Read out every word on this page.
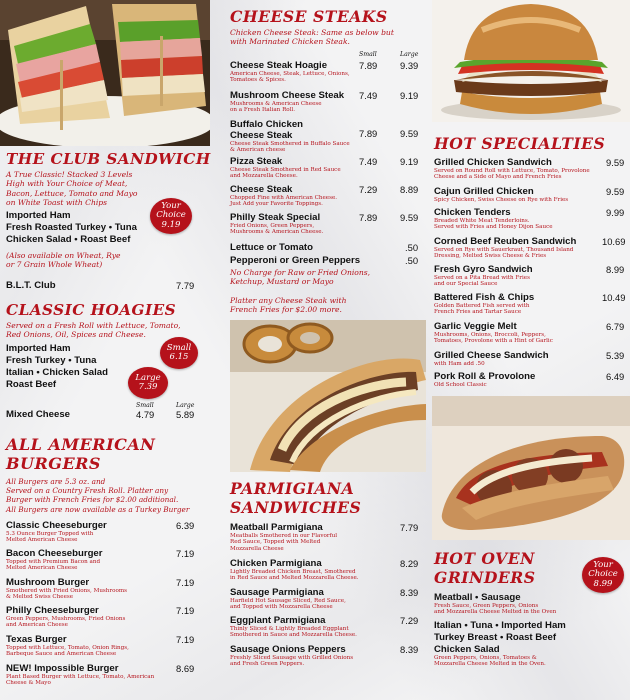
THE CLUB SANDWICH
A True Classic! Stacked 3 Levels
High with Your Choice of Meat,
Bacon, Lettuce, Tomato and Mayo
on White Toast with Chips
Imported Ham
Fresh Roasted Turkey • Tuna
Chicken Salad • Roast Beef
Your
Choice
9.19
(Also available on Wheat, Rye
or 7 Grain Whole Wheat)
B.L.T. Club	7.79
CLASSIC HOAGIES
Served on a Fresh Roll with Lettuce, Tomato,
Red Onions, Oil, Spices and Cheese.
Imported Ham
Fresh Turkey • Tuna
Italian • Chicken Salad
Roast Beef
Small
6.15
Large
7.39
Small	Large
Mixed Cheese	4.79 5.89
ALL AMERICAN
BURGERS
All Burgers are 5.3 oz. and
Served on a Country Fresh Roll. Platter any
Burger with French Fries for $2.00 additional.
All Burgers are now available as a Turkey Burger
Classic Cheeseburger
5.3 Ounce Burger Topped with
Melted American Cheese
6.39
Bacon Cheeseburger
Topped with Premium Bacon and
Melted American Cheese
7.19
Mushroom Burger
Smothered with Fried Onions, Mushrooms
& Melted Swiss Cheese
7.19
Philly Cheeseburger
Green Peppers, Mushrooms, Fried Onions
and American Cheese
7.19
Texas Burger
Topped with Lettuce, Tomato, Onion Rings,
Barbeque Sauce and American Cheese
7.19
NEW! Impossible Burger
Plant Based Burger with Lettuce, Tomato, American
Cheese & Mayo
8.69
CHEESE STEAKS
Chicken Cheese Steak: Same as below but
with Marinated Chicken Steak.
Small	Large
Cheese Steak Hoagie
American Cheese, Steak, Lettuce, Onions,
Tomatoes & Spices.
7.89 9.39
Mushroom Cheese Steak
Mushrooms & American Cheese
on a Fresh Italian Roll.
7.49 9.19
Buffalo Chicken
Cheese Steak
Cheese Steak Smothered in Buffalo Sauce
& American cheese
7.89 9.59
Pizza Steak
Cheese Steak Smothered in Red Sauce
and Mozzarella Cheese.
7.49 9.19
Cheese Steak
Chopped Fine with American Cheese.
Just Add your Favorite Toppings.
7.29 8.89
Philly Steak Special
Fried Onions, Green Peppers,
Mushrooms & American Cheese.
7.89 9.59
Lettuce or Tomato	.50
Pepperoni or Green Peppers	.50
No Charge for Raw or Fried Onions,
Ketchup, Mustard or Mayo
Platter any Cheese Steak with
French Fries for $2.00 more.
PARMIGIANA
SANDWICHES
Meatball Parmigiana
Meatballs Smothered in our Flavorful
Red Sauce, Topped with Melted
Mozzarella Cheese
7.79
Chicken Parmigiana
Lightly Breaded Chicken Breast, Smothered
in Red Sauce and Melted Mozzarella Cheese.
8.29
Sausage Parmigiana
Harfield Hot Sausage Sliced, Red Sauce,
and Topped with Mozzarella Cheese
8.39
Eggplant Parmigiana
Thinly Sliced & Lightly Breaded Eggplant
Smothered in Sauce and Mozzarella Cheese.
7.29
Sausage Onions Peppers
Freshly Sliced Sausage with Grilled Onions
and Fresh Green Peppers.
8.39
HOT SPECIALTIES
Grilled Chicken Sandwich
Served on Round Roll with Lettuce, Tomato, Provolone
Cheese and a Side of Mayo and French Fries
9.59
Cajun Grilled Chicken
Spicy Chicken, Swiss Cheese on Rye with Fries
9.59
Chicken Tenders
Breaded White Meat Tenderloins.
Served with Fries and Honey Dijon Sauce
9.99
Corned Beef Reuben Sandwich
Served on Rye with Sauerkraut, Thousand Island
Dressing, Melted Swiss Cheese & Fries
10.69
Fresh Gyro Sandwich
Served on a Pita Bread with Fries
and our Special Sauce
8.99
Battered Fish & Chips
Golden Battered Fish served with
French Fries and Tartar Sauce
10.49
Garlic Veggie Melt
Mushrooms, Onions, Broccoli, Peppers,
Tomatoes, Provolone with a Hint of Garlic
6.79
Grilled Cheese Sandwich
with Ham add .50
5.39
Pork Roll & Provolone
Old School Classic
6.49
HOT OVEN
GRINDERS
Your
Choice
8.99
Meatball • Sausage
Fresh Sauce, Green Peppers, Onions
and Mozzarella Cheese Melted in the Oven
Italian • Tuna • Imported Ham
Turkey Breast • Roast Beef
Chicken Salad
Green Peppers, Onions, Tomatoes &
Mozzarella Cheese Melted in the Oven.
